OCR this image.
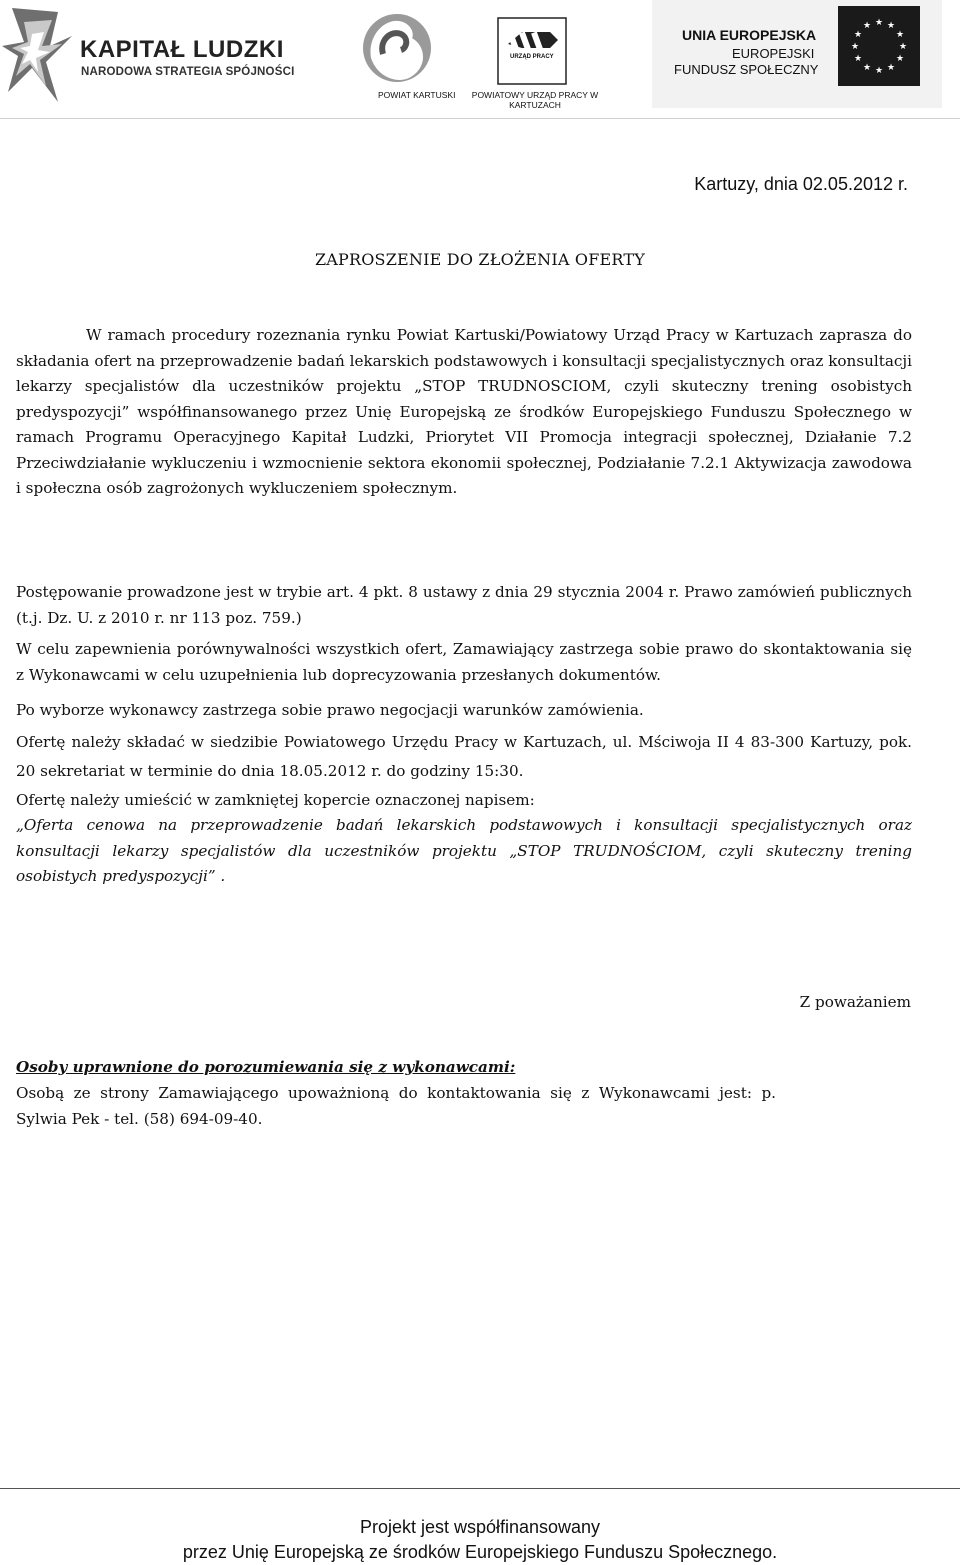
KAPITAŁ LUDZKI
NARODOWA STRATEGIA SPÓJNOŚCI
POWIAT KARTUSKI
URZĄD PRACY
POWIATOWY URZĄD PRACY W KARTUZACH
UNIA EUROPEJSKA
EUROPEJSKI
FUNDUSZ SPOŁECZNY
★ ★
★
★
★
★
★
★
★
★
★
★
Kartuzy, dnia 02.05.2012 r.
ZAPROSZENIE DO ZŁOŻENIA OFERTY
W ramach procedury rozeznania rynku Powiat Kartuski/Powiatowy Urząd Pracy w Kartuzach zaprasza do składania ofert na przeprowadzenie badań lekarskich podstawowych i konsultacji specjalistycznych oraz konsultacji lekarzy specjalistów dla uczestników projektu „STOP TRUDNOSCIOM, czyli skuteczny trening osobistych predyspozycji” współfinansowanego przez Unię Europejską ze środków Europejskiego Funduszu Społecznego w ramach Programu Operacyjnego Kapitał Ludzki, Priorytet VII Promocja integracji społecznej, Działanie 7.2 Przeciwdziałanie wykluczeniu i wzmocnienie sektora ekonomii społecznej, Podziałanie 7.2.1 Aktywizacja zawodowa i społeczna osób zagrożonych wykluczeniem społecznym.

Postępowanie prowadzone jest w trybie art. 4 pkt. 8 ustawy z dnia 29 stycznia 2004 r. Prawo zamówień publicznych (t.j. Dz. U. z 2010 r. nr 113 poz. 759.)

W celu zapewnienia porównywalności wszystkich ofert, Zamawiający zastrzega sobie prawo do skontaktowania się z Wykonawcami w celu uzupełnienia lub doprecyzowania przesłanych dokumentów.

Po wyborze wykonawcy zastrzega sobie prawo negocjacji warunków zamówienia.

Ofertę należy składać w siedzibie Powiatowego Urzędu Pracy w Kartuzach, ul. Mściwoja II 4 83-300 Kartuzy, pok. 20 sekretariat w terminie do dnia 18.05.2012 r. do godziny 15:30.

Ofertę należy umieścić w zamkniętej kopercie oznaczonej napisem:

„Oferta cenowa na przeprowadzenie badań lekarskich podstawowych i konsultacji specjalistycznych oraz konsultacji lekarzy specjalistów dla uczestników projektu „STOP TRUDNOŚCIOM, czyli skuteczny trening osobistych predyspozycji” .

Z poważaniem
Osoby uprawnione do porozumiewania się z wykonawcami:
Osobą ze strony Zamawiającego upoważnioną do kontaktowania się z Wykonawcami jest: p. Sylwia Pek - tel. (58) 694-09-40.
Projekt jest współfinansowany
przez Unię Europejską ze środków Europejskiego Funduszu Społecznego.
